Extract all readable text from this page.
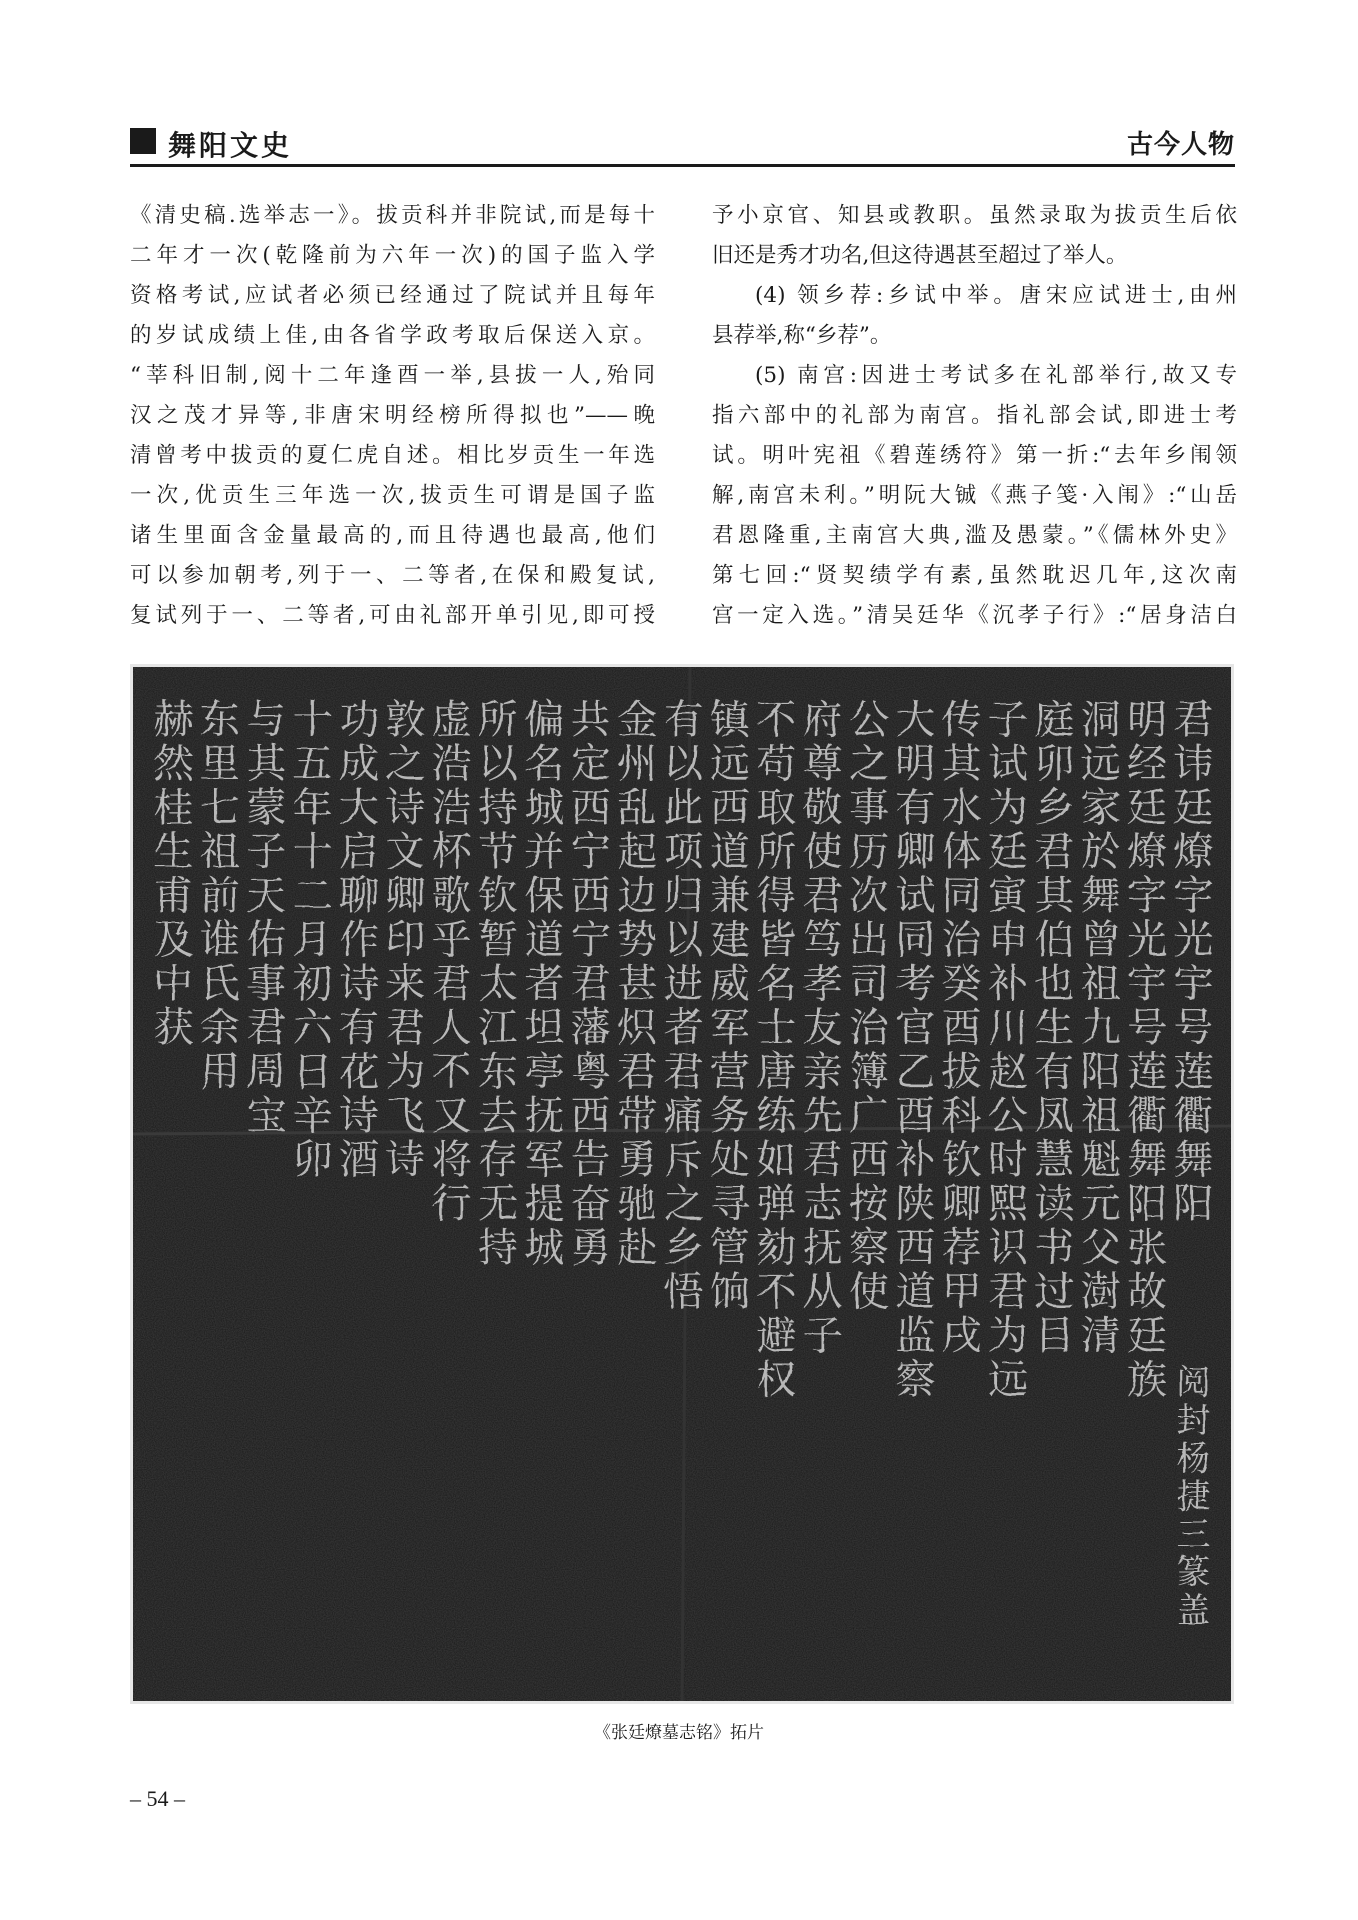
舞阳文史	古今人物

《清史稿.选举志一》。拔贡科并非院试,而是每十

二年才一次(乾隆前为六年一次)的国子监入学

资格考试,应试者必须已经通过了院试并且每年

的岁试成绩上佳,由各省学政考取后保送入京。

“莘科旧制,阅十二年逢酉一举,县拔一人,殆同

汉之茂才异等,非唐宋明经榜所得拟也”——晚

清曾考中拔贡的夏仁虎自述。相比岁贡生一年选

一次,优贡生三年选一次,拔贡生可谓是国子监

诸生里面含金量最高的,而且待遇也最高,他们

可以参加朝考,列于一、二等者,在保和殿复试,

复试列于一、二等者,可由礼部开单引见,即可授

予小京官、知县或教职。虽然录取为拔贡生后依

旧还是秀才功名,但这待遇甚至超过了举人。

(4) 领乡荐:乡试中举。唐宋应试进士,由州

县荐举,称“乡荐”。

(5) 南宫:因进士考试多在礼部举行,故又专

指六部中的礼部为南宫。指礼部会试,即进士考

试。明叶宪祖《碧莲绣符》第一折:“去年乡闱领

解,南宫未利。”明阮大铖《燕子笺·入闱》:“山岳

君恩隆重,主南宫大典,滥及愚蒙。”《儒林外史》

第七回:“贤契绩学有素,虽然耽迟几年,这次南

宫一定入选。”清吴廷华《沉孝子行》:“居身洁白

君讳廷燎字光宇号莲衢舞阳
明经廷燎字光宇号莲衢舞阳张故廷族
洞远家於舞曾祖九阳祖魁元父澍清
庭卯乡君其伯也生有凤慧读书过目
子试为廷寅申补川赵公时熙识君为远
传其水体同治癸酉拔科钦卿荐甲戌
大明有卿试同考官乙酉补陕西道监察
公之事历次出司治簿广西按察使
府尊敬使君笃孝友亲先君志抚从子
不苟取所得皆名士唐练如弹劾不避权
镇远西道兼建威军营务处寻管饷
有以此项归以进者君痛斥之乡悟
金州乱起边势甚炽君带勇驰赴
共定西宁西宁君藩粤西告奋勇
偏名城并保道者坦亭抚军提城
所以持节钦暂太江东去存无持
虚浩浩杯歌乎君人不又将行
敦之诗文卿印来君为飞诗
功成大启聊作诗有花诗酒
十五年十二月初六日辛卯
与其蒙子天佑事君周宝
东里七祖前谁氏余用
赫然桂生甫及中获
阅封杨捷三篆盖
《张廷燎墓志铭》拓片
– 54 –
